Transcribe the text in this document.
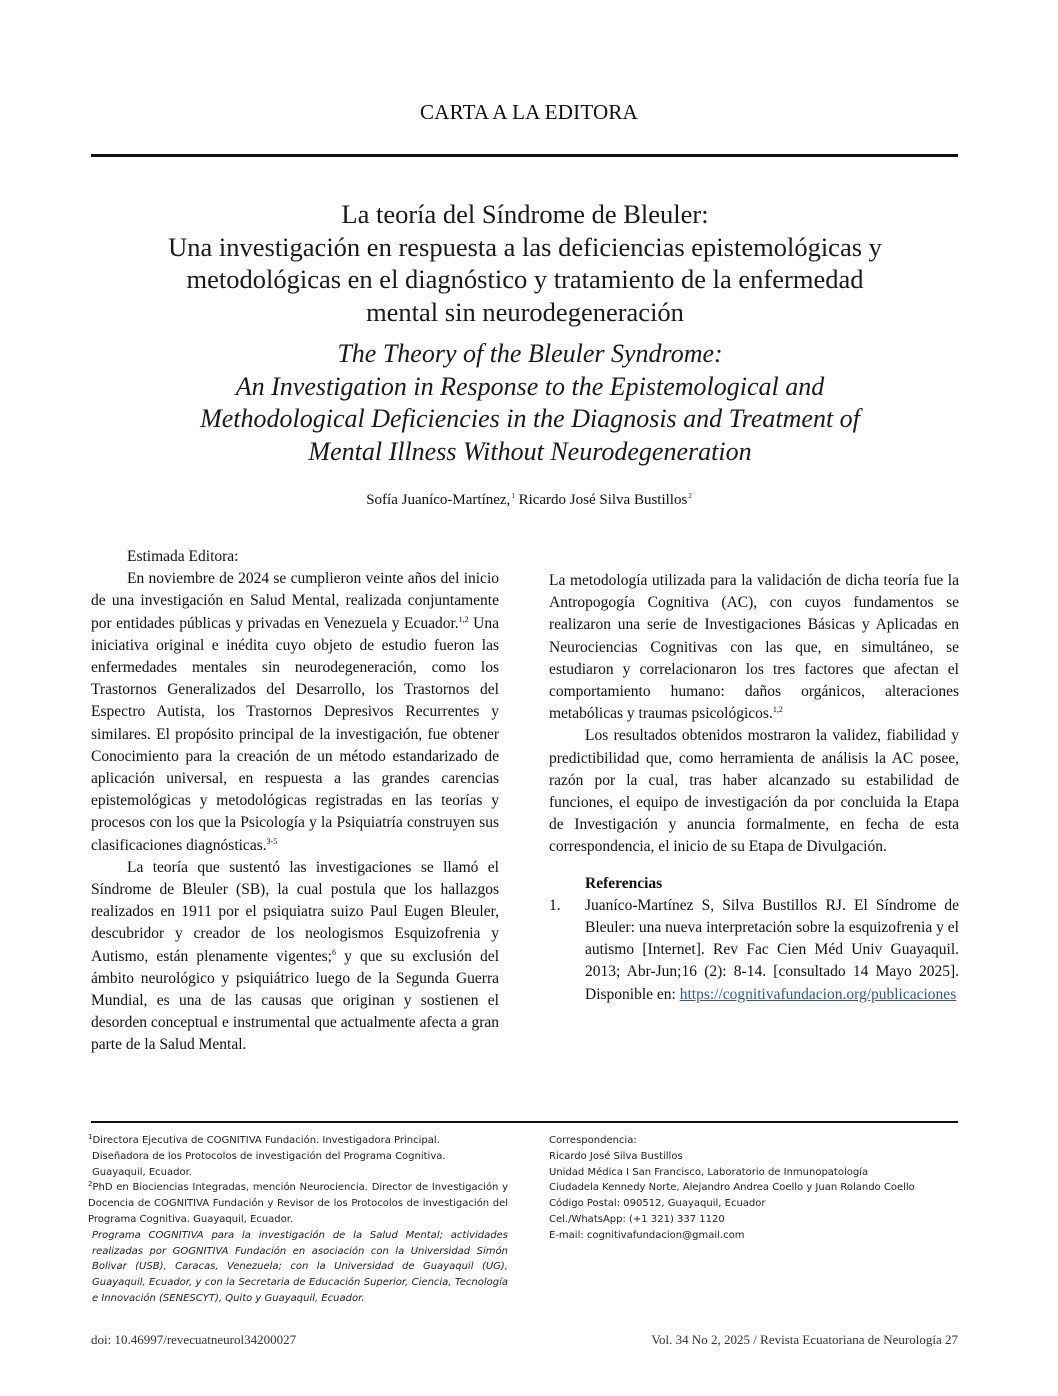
CARTA A LA EDITORA
La teoría del Síndrome de Bleuler:
Una investigación en respuesta a las deficiencias epistemológicas y
metodológicas en el diagnóstico y tratamiento de la enfermedad
mental sin neurodegeneración
The Theory of the Bleuler Syndrome:
An Investigation in Response to the Epistemological and
Methodological Deficiencies in the Diagnosis and Treatment of
Mental Illness Without Neurodegeneration
Sofía Juaníco-Martínez,$^1$ Ricardo José Silva Bustillos$^2$

Estimada Editora:

En noviembre de 2024 se cumplieron veinte años del inicio de una investigación en Salud Mental, realizada conjuntamente por entidades públicas y privadas en Venezuela y Ecuador.$^{1,2}$ Una iniciativa original e inédita cuyo objeto de estudio fueron las enfermedades mentales sin neurodegeneración, como los Trastornos Generalizados del Desarrollo, los Trastornos del Espectro Autista, los Trastornos Depresivos Recurrentes y similares. El propósito principal de la investigación, fue obtener Conocimiento para la creación de un método estandarizado de aplicación universal, en respuesta a las grandes carencias epistemológicas y metodológicas registradas en las teorías y procesos con los que la Psicología y la Psiquiatría construyen sus clasificaciones diagnósticas.$^{3-5}$

La teoría que sustentó las investigaciones se llamó el Síndrome de Bleuler (SB), la cual postula que los hallazgos realizados en 1911 por el psiquiatra suizo Paul Eugen Bleuler, descubridor y creador de los neologismos Esquizofrenia y Autismo, están plenamente vigentes;$^6$ y que su exclusión del ámbito neurológico y psiquiátrico luego de la Segunda Guerra Mundial, es una de las causas que originan y sostienen el desorden conceptual e instrumental que actualmente afecta a gran parte de la Salud Mental.

La metodología utilizada para la validación de dicha teoría fue la Antropogogía Cognitiva (AC), con cuyos fundamentos se realizaron una serie de Investigaciones Básicas y Aplicadas en Neurociencias Cognitivas con las que, en simultáneo, se estudiaron y correlacionaron los tres factores que afectan el comportamiento humano: daños orgánicos, alteraciones metabólicas y traumas psicológicos.$^{1,2}$

Los resultados obtenidos mostraron la validez, fiabilidad y predictibilidad que, como herramienta de análisis la AC posee, razón por la cual, tras haber alcanzado su estabilidad de funciones, el equipo de investigación da por concluida la Etapa de Investigación y anuncia formalmente, en fecha de esta correspondencia, el inicio de su Etapa de Divulgación.

Referencias
1.	Juaníco-Martínez S, Silva Bustillos RJ. El Síndrome de Bleuler: una nueva interpretación sobre la esquizofrenia y el autismo [Internet]. Rev Fac Cien Méd Univ Guayaquil. 2013; Abr-Jun;16 (2): 8-14. [consultado 14 Mayo 2025]. Disponible en: https://cognitivafundacion.org/publicaciones

$^1$Directora Ejecutiva de COGNITIVA Fundación. Investigadora Principal.

Diseñadora de los Protocolos de investigación del Programa Cognitiva.

Guayaquil, Ecuador.

$^2$PhD en Biociencias Integradas, mención Neurociencia. Director de Investigación y Docencia de COGNITIVA Fundación y Revisor de los Protocolos de investigación del Programa Cognitiva. Guayaquil, Ecuador.

Programa COGNITIVA para la investigación de la Salud Mental; actividades realizadas por GOGNITIVA Fundación en asociación con la Universidad Simón Bolivar (USB), Caracas, Venezuela; con la Universidad de Guayaquil (UG), Guayaquil, Ecuador, y con la Secretaria de Educación Superior, Ciencia, Tecnología e Innovación (SENESCYT), Quito y Guayaquil, Ecuador.

Correspondencia:

Ricardo José Silva Bustillos

Unidad Médica I San Francisco, Laboratorio de Inmunopatología

Ciudadela Kennedy Norte, Alejandro Andrea Coello y Juan Rolando Coello

Código Postal: 090512, Guayaquil, Ecuador

Cel./WhatsApp: (+1 321) 337 1120

E-mail: cognitivafundacion@gmail.com

doi: 10.46997/revecuatneurol34200027	Vol. 34 No 2, 2025 / Revista Ecuatoriana de Neurología 27
